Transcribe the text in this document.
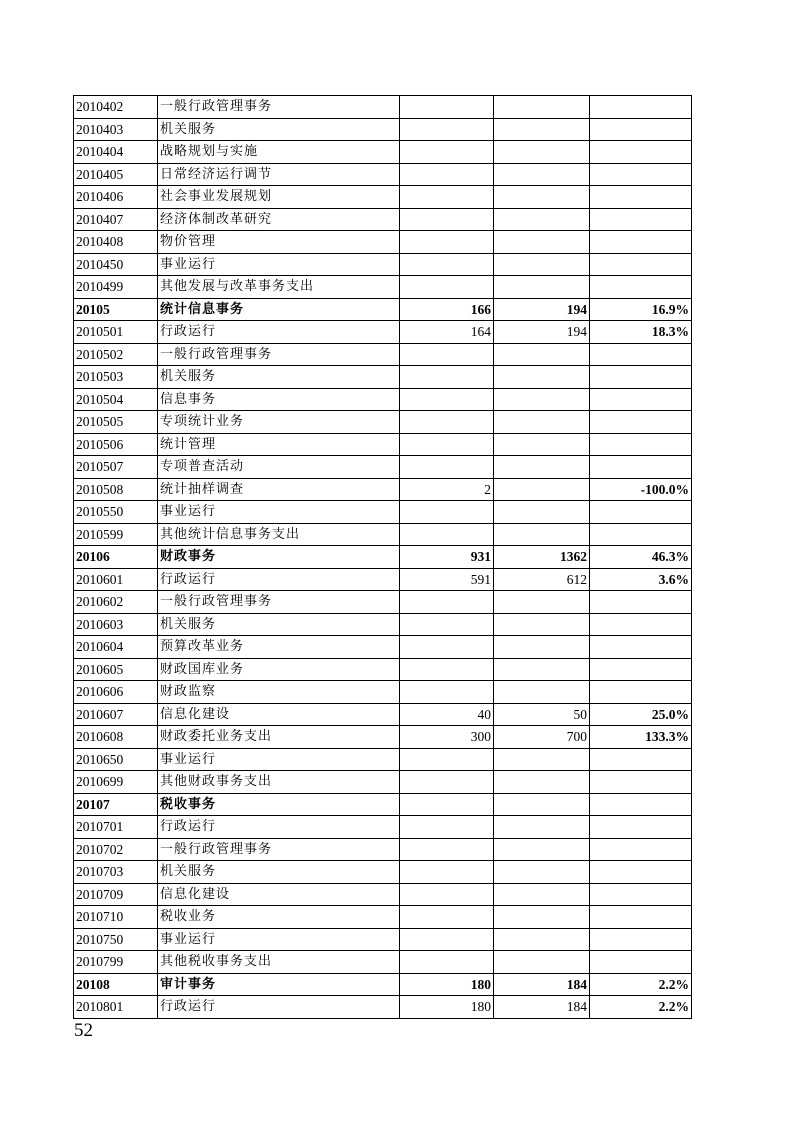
2010402	一般行政管理事务			
2010403	机关服务			
2010404	战略规划与实施			
2010405	日常经济运行调节			
2010406	社会事业发展规划			
2010407	经济体制改革研究			
2010408	物价管理			
2010450	事业运行			
2010499	其他发展与改革事务支出			
20105	统计信息事务	166	194	16.9%
2010501	行政运行	164	194	18.3%
2010502	一般行政管理事务			
2010503	机关服务			
2010504	信息事务			
2010505	专项统计业务			
2010506	统计管理			
2010507	专项普查活动			
2010508	统计抽样调查	2		-100.0%
2010550	事业运行			
2010599	其他统计信息事务支出			
20106	财政事务	931	1362	46.3%
2010601	行政运行	591	612	3.6%
2010602	一般行政管理事务			
2010603	机关服务			
2010604	预算改革业务			
2010605	财政国库业务			
2010606	财政监察			
2010607	信息化建设	40	50	25.0%
2010608	财政委托业务支出	300	700	133.3%
2010650	事业运行			
2010699	其他财政事务支出			
20107	税收事务			
2010701	行政运行			
2010702	一般行政管理事务			
2010703	机关服务			
2010709	信息化建设			
2010710	税收业务			
2010750	事业运行			
2010799	其他税收事务支出			
20108	审计事务	180	184	2.2%
2010801	行政运行	180	184	2.2%
52
